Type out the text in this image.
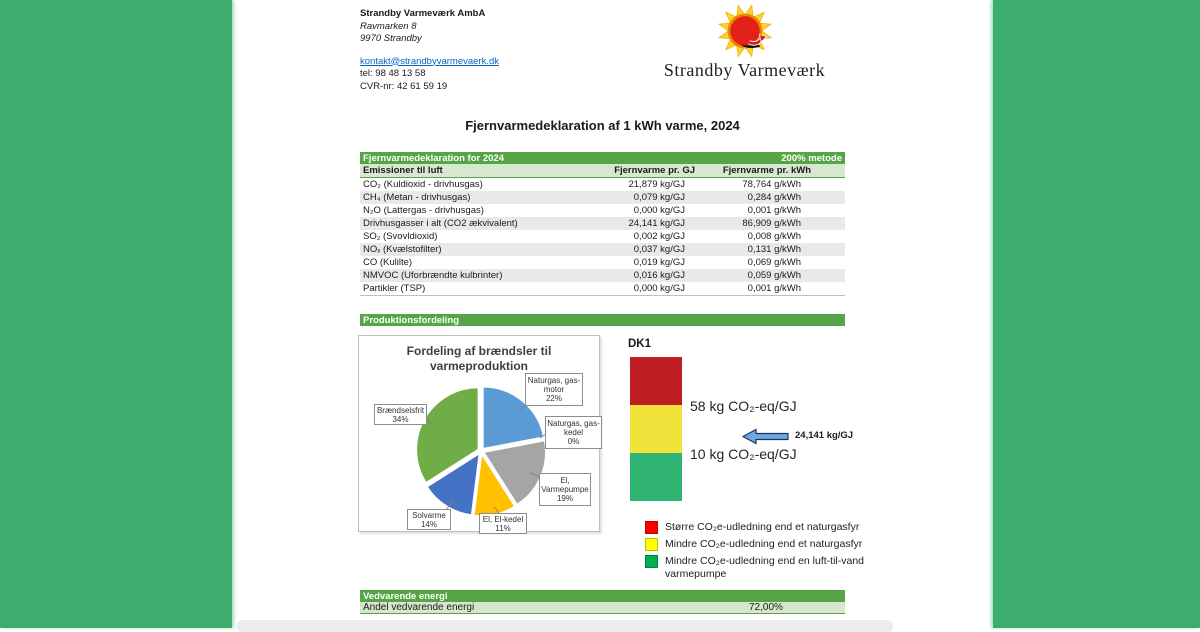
Strandby Varmeværk AmbA
Ravmarken 8
9970 Strandby
kontakt@strandbyvarmevaerk.dk
tel: 98 48 13 58
CVR-nr: 42 61 59 19
Strandby Varmeværk
Fjernvarmedeklaration af 1 kWh varme, 2024
Fjernvarmedeklaration for 2024	200% metode
Emissioner til luft	Fjernvarme pr. GJ	Fjernvarme pr. kWh
CO₂ (Kuldioxid - drivhusgas)	21,879 kg/GJ	78,764 g/kWh
CH₄ (Metan - drivhusgas)	0,079 kg/GJ	0,284 g/kWh
N₂O (Lattergas - drivhusgas)	0,000 kg/GJ	0,001 g/kWh
Drivhusgasser i alt (CO2 ækvivalent)	24,141 kg/GJ	86,909 g/kWh
SO₂ (Svovldioxid)	0,002 kg/GJ	0,008 g/kWh
NOₓ (Kvælstofilter)	0,037 kg/GJ	0,131 g/kWh
CO (Kulilte)	0,019 kg/GJ	0,069 g/kWh
NMVOC (Uforbrændte kulbrinter)	0,016 kg/GJ	0,059 g/kWh
Partikler (TSP)	0,000 kg/GJ	0,001 g/kWh
Produktionsfordeling
Naturgas, gas-
motor
22%
Naturgas, gas-
kedel
0%
El,
Varmepumpe
19%
El, El-kedel
11%
Solvarme
14%
Brændselsfrit
34%
Fordeling af brændsler til
varmeproduktion
DK1
58 kg CO₂-eq/GJ
10 kg CO₂-eq/GJ
24,141 kg/GJ
Større CO₂e-udledning end et naturgasfyr
Mindre CO₂e-udledning end et naturgasfyr
Mindre CO₂e-udledning end en luft-til-vand
varmepumpe
Vedvarende energi
Andel vedvarende energi	72,00%
